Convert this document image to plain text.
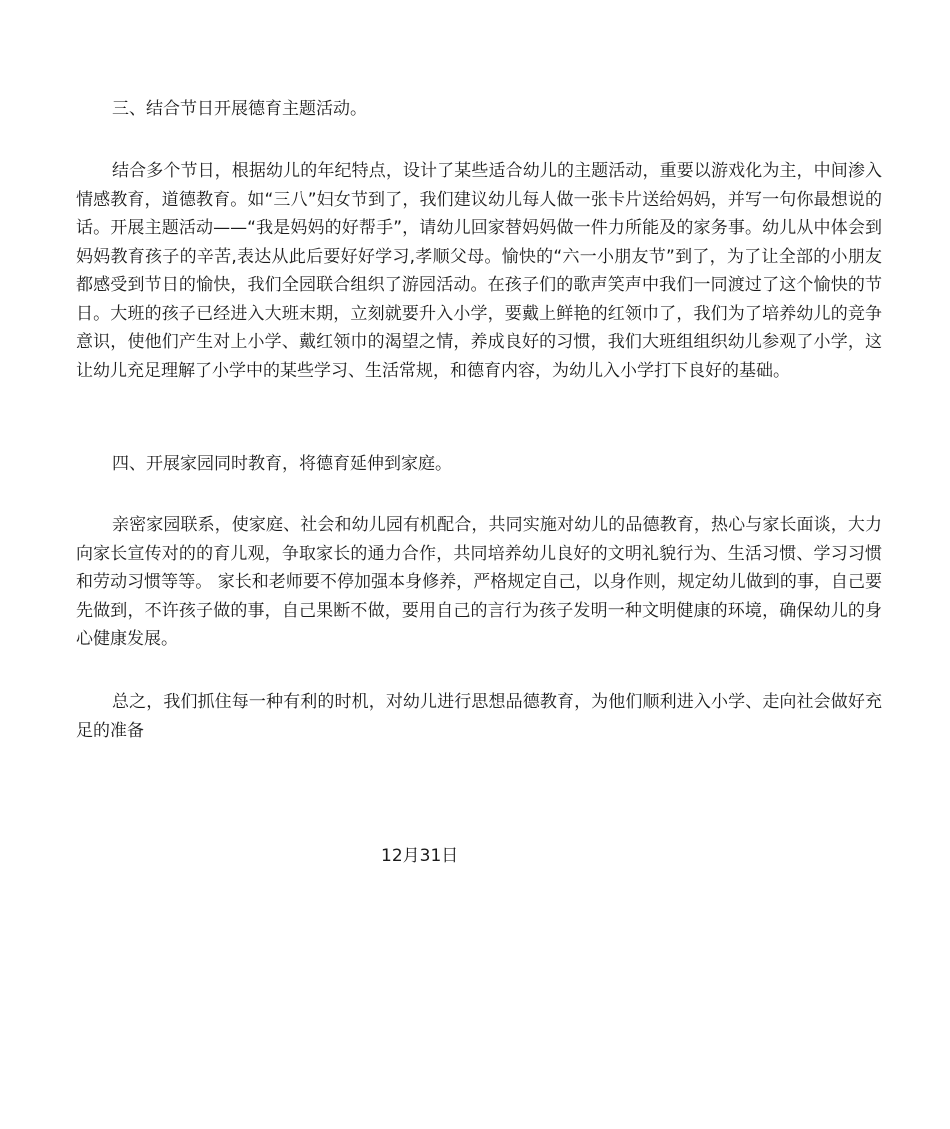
三、结合节日开展德育主题活动。

结合多个节日，根据幼儿的年纪特点，设计了某些适合幼儿的主题活动，重要以游戏化为主，中间渗入情感教育，道德教育。如“三八”妇女节到了，我们建议幼儿每人做一张卡片送给妈妈，并写一句你最想说的话。开展主题活动——“我是妈妈的好帮手”，请幼儿回家替妈妈做一件力所能及的家务事。幼儿从中体会到妈妈教育孩子的辛苦,表达从此后要好好学习,孝顺父母。愉快的“六一小朋友节”到了，为了让全部的小朋友都感受到节日的愉快，我们全园联合组织了游园活动。在孩子们的歌声笑声中我们一同渡过了这个愉快的节日。大班的孩子已经进入大班末期，立刻就要升入小学，要戴上鲜艳的红领巾了，我们为了培养幼儿的竞争意识，使他们产生对上小学、戴红领巾的渴望之情，养成良好的习惯，我们大班组组织幼儿参观了小学，这让幼儿充足理解了小学中的某些学习、生活常规，和德育内容，为幼儿入小学打下良好的基础。

四、开展家园同时教育，将德育延伸到家庭。

亲密家园联系，使家庭、社会和幼儿园有机配合，共同实施对幼儿的品德教育，热心与家长面谈，大力向家长宣传对的的育儿观，争取家长的通力合作，共同培养幼儿良好的文明礼貌行为、生活习惯、学习习惯和劳动习惯等等。 家长和老师要不停加强本身修养，严格规定自己，以身作则，规定幼儿做到的事，自己要先做到，不许孩子做的事，自己果断不做，要用自己的言行为孩子发明一种文明健康的环境，确保幼儿的身心健康发展。

总之，我们抓住每一种有利的时机，对幼儿进行思想品德教育，为他们顺利进入小学、走向社会做好充足的准备

12月31日
